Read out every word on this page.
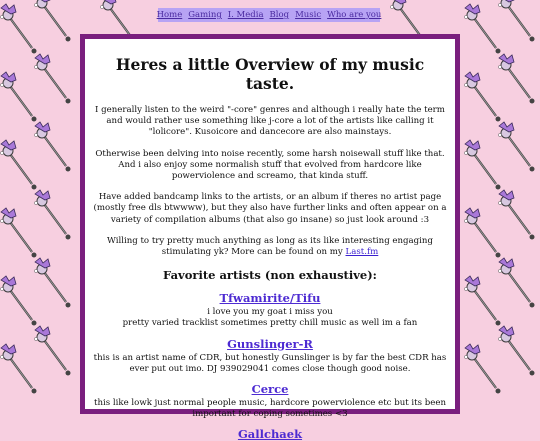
Home Gaming I. Media Blog Music Who are you
Heres a little Overview of my music taste.

I generally listen to the weird "-core" genres and although i really hate the term and would rather use something like j-core a lot of the artists like calling it "lolicore". Kusoicore and dancecore are also mainstays.

Otherwise been delving into noise recently, some harsh noisewall stuff like that. And i also enjoy some normalish stuff that evolved from hardcore like powerviolence and screamo, that kinda stuff.

Have added bandcamp links to the artists, or an album if theres no artist page (mostly free dls btwwww), but they also have further links and often appear on a variety of compilation albums (that also go insane) so just look around :3

Willing to try pretty much anything as long as its like interesting engaging stimulating yk? More can be found on my Last.fm

Favorite artists (non exhaustive):
Tfwamirite/Tifu

i love you my goat i miss you

pretty varied tracklist sometimes pretty chill music as well im a fan

Gunslinger-R

this is an artist name of CDR, but honestly Gunslinger is by far the best CDR has ever put out imo. DJ 939029041 comes close though good noise.

Cerce

this like lowk just normal people music, hardcore powerviolence etc but its been important for coping sometimes <3

Gallchaek
